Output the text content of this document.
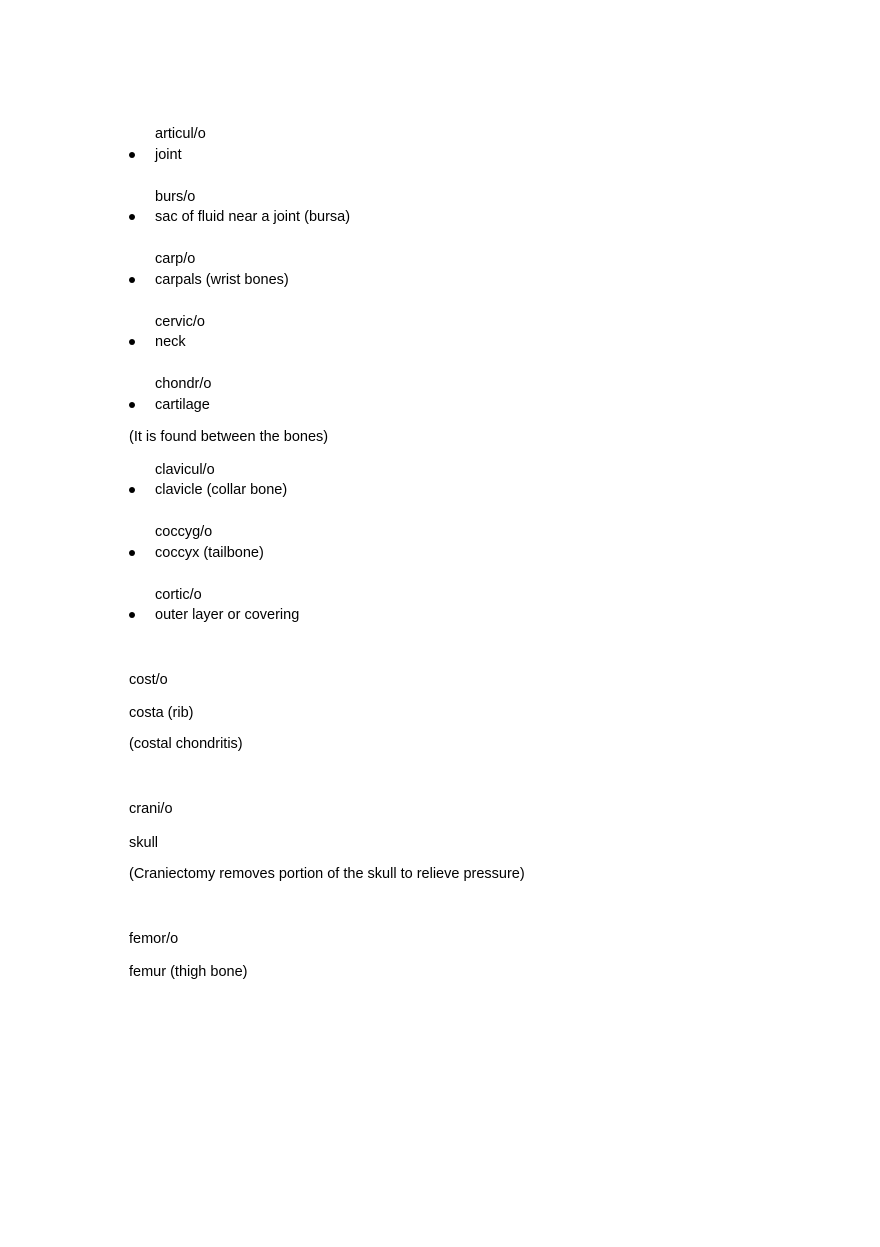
articul/o
joint
burs/o
sac of fluid near a joint (bursa)
carp/o
carpals (wrist bones)
cervic/o
neck
chondr/o
cartilage
(It is found between the bones)
clavicul/o
clavicle (collar bone)
coccyg/o
coccyx (tailbone)
cortic/o
outer layer or covering
cost/o
costa (rib)
(costal chondritis)
crani/o
skull
(Craniectomy removes portion of the skull to relieve pressure)
femor/o
femur (thigh bone)
